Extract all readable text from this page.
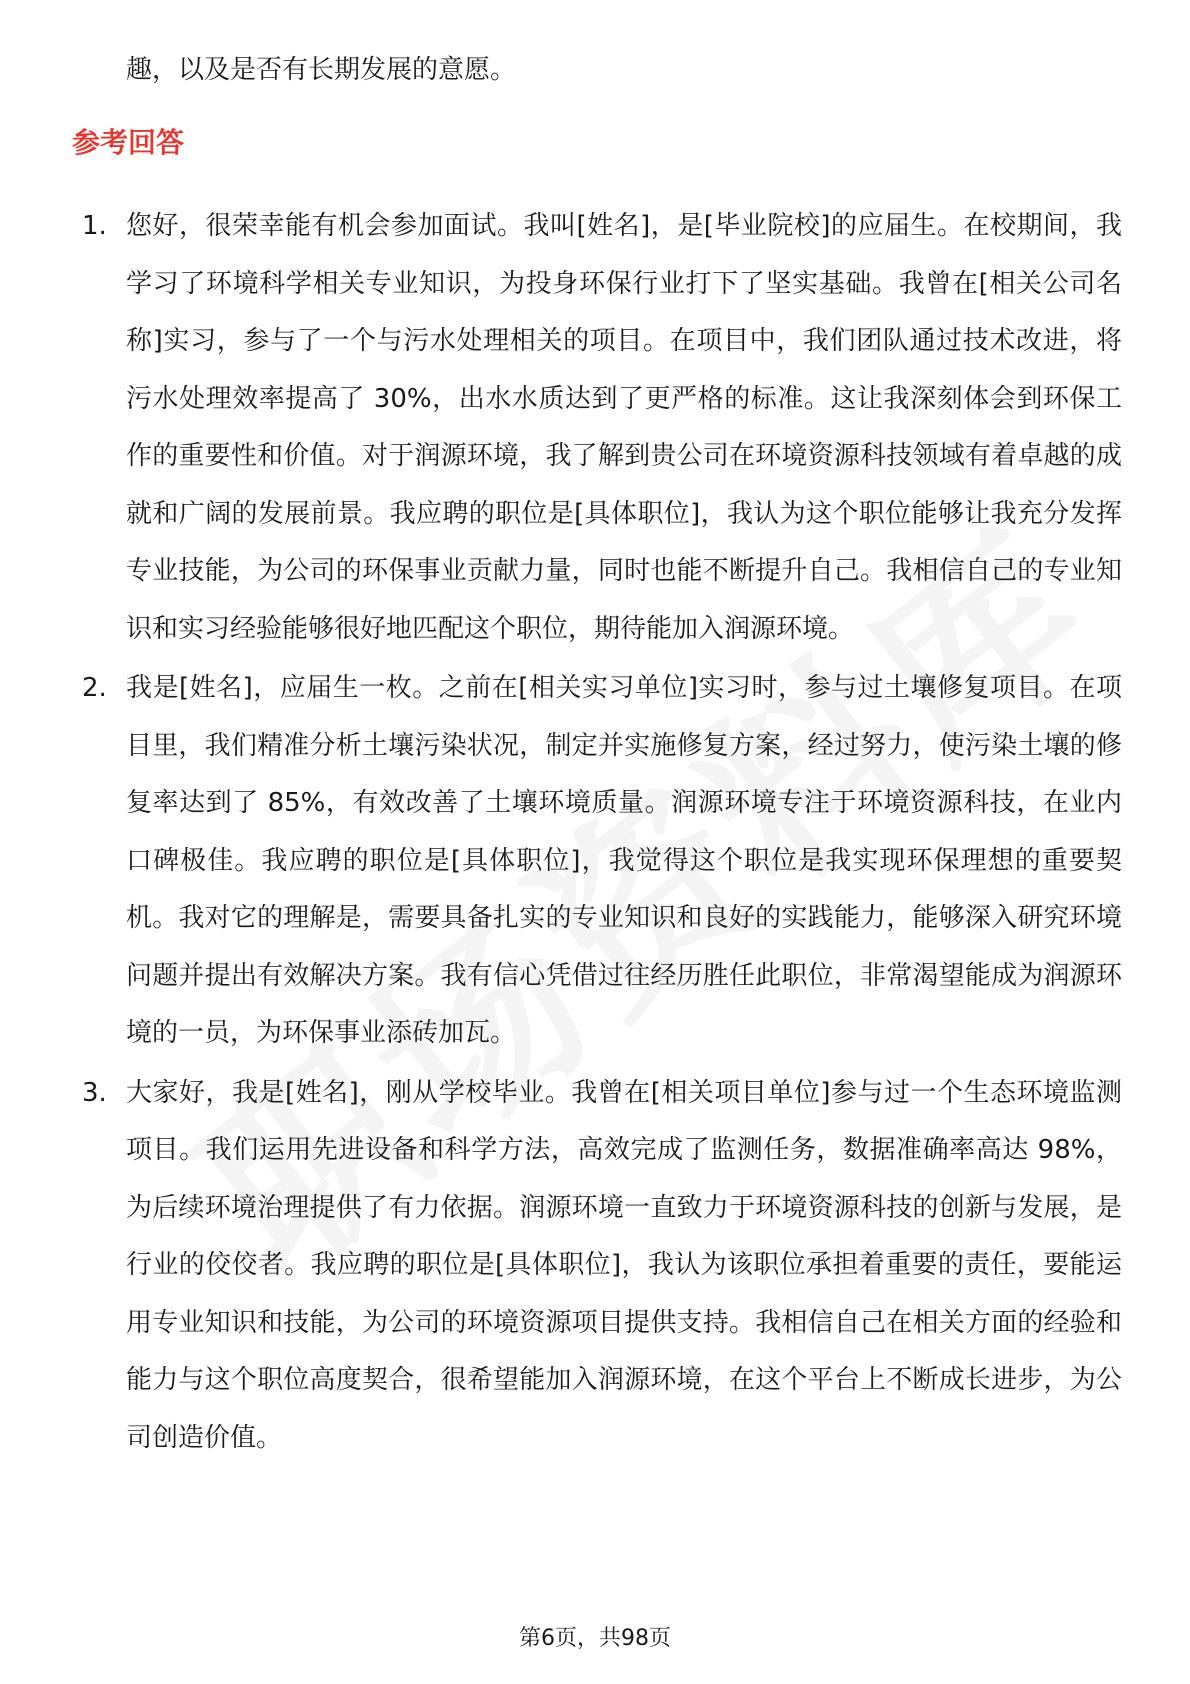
趣，以及是否有长期发展的意愿。
参考回答
1. 您好，很荣幸能有机会参加面试。我叫[姓名]，是[毕业院校]的应届生。在校期间，我学习了环境科学相关专业知识，为投身环保行业打下了坚实基础。我曾在[相关公司名称]实习，参与了一个与污水处理相关的项目。在项目中，我们团队通过技术改进，将污水处理效率提高了 30%，出水水质达到了更严格的标准。这让我深刻体会到环保工作的重要性和价值。对于润源环境，我了解到贵公司在环境资源科技领域有着卓越的成就和广阔的发展前景。我应聘的职位是[具体职位]，我认为这个职位能够让我充分发挥专业技能，为公司的环保事业贡献力量，同时也能不断提升自己。我相信自己的专业知识和实习经验能够很好地匹配这个职位，期待能加入润源环境。
2. 我是[姓名]，应届生一枚。之前在[相关实习单位]实习时，参与过土壤修复项目。在项目里，我们精准分析土壤污染状况，制定并实施修复方案，经过努力，使污染土壤的修复率达到了 85%，有效改善了土壤环境质量。润源环境专注于环境资源科技，在业内口碑极佳。我应聘的职位是[具体职位]，我觉得这个职位是我实现环保理想的重要契机。我对它的理解是，需要具备扎实的专业知识和良好的实践能力，能够深入研究环境问题并提出有效解决方案。我有信心凭借过往经历胜任此职位，非常渴望能成为润源环境的一员，为环保事业添砖加瓦。
3. 大家好，我是[姓名]，刚从学校毕业。我曾在[相关项目单位]参与过一个生态环境监测项目。我们运用先进设备和科学方法，高效完成了监测任务，数据准确率高达 98%，为后续环境治理提供了有力依据。润源环境一直致力于环境资源科技的创新与发展，是行业的佼佼者。我应聘的职位是[具体职位]，我认为该职位承担着重要的责任，要能运用专业知识和技能，为公司的环境资源项目提供支持。我相信自己在相关方面的经验和能力与这个职位高度契合，很希望能加入润源环境，在这个平台上不断成长进步，为公司创造价值。
第6页，共98页
